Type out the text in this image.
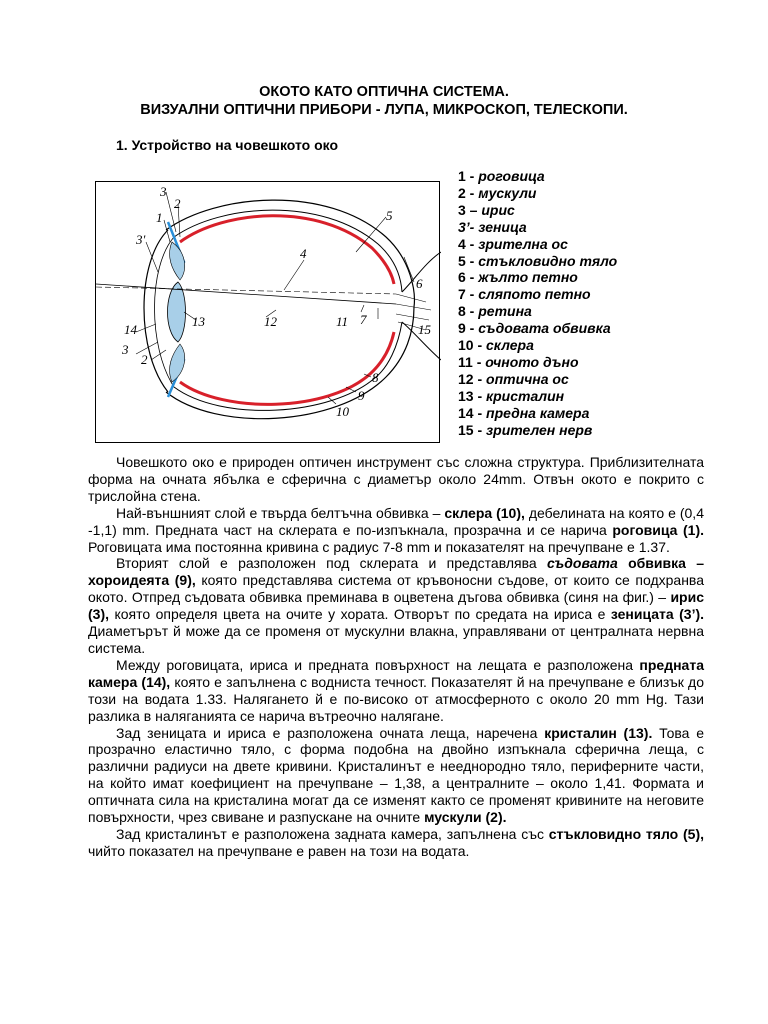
ОКОТО КАТО ОПТИЧНА СИСТЕМА.
ВИЗУАЛНИ ОПТИЧНИ ПРИБОРИ - ЛУПА, МИКРОСКОП, ТЕЛЕСКОПИ.
1. Устройство на човешкото око
3
2
1
3'
4
5
6
7
8
9
10
11
12
13
14
3
2
15
1 - роговица
2 - мускули
3 – ирис
3’- зеница
4 - зрителна ос
5 - стъкловидно тяло
6 - жълто петно
7 - сляпото петно
8 - ретина
9 - съдовата обвивка
10 - склера
11 - очното дъно
12 - оптична ос
13 - кристалин
14 - предна камера
15 - зрителен нерв

Човешкото око е природен оптичен инструмент със сложна структура. Приблизителната форма на очната ябълка е сферична с диаметър около 24mm. Отвън окото е покрито с трислойна стена.

Най-външният слой е твърда белтъчна обвивка – склера (10), дебелината на която е (0,4 -1,1) mm. Предната част на склерата е по-изпъкнала, прозрачна и се нарича роговица (1). Роговицата има постоянна кривина с радиус 7-8 mm и показателят на пречупване е 1.37.

Вторият слой е разположен под склерата и представлява съдовата обвивка – хороидеята (9), която представлява система от кръвоносни съдове, от които се подхранва окото. Отпред съдовата обвивка преминава в оцветена дъгова обвивка (синя на фиг.) – ирис (3), която определя цвета на очите у хората. Отворът по средата на ириса е зеницата (3’). Диаметърът й може да се променя от мускулни влакна, управлявани от централната нервна система.

Между роговицата, ириса и предната повърхност на лещата е разположена предната камера (14), която е запълнена с водниста течност. Показателят й на пречупване е близък до този на водата 1.33. Налягането й е по-високо от атмосферното с около 20 mm Hg. Тази разлика в наляганията се нарича вътреочно налягане.

Зад зеницата и ириса е разположена очната леща, наречена кристалин (13). Това е прозрачно еластично тяло, с форма подобна на двойно изпъкнала сферична леща, с различни радиуси на двете кривини. Кристалинът е нееднородно тяло, периферните части, на който имат коефициент на пречупване – 1,38, а централните – около 1,41. Формата и оптичната сила на кристалина могат да се изменят както се променят кривините на неговите повърхности, чрез свиване и разпускане на очните мускули (2).

Зад кристалинът е разположена задната камера, запълнена със стъкловидно тяло (5), чийто показател на пречупване е равен на този на водата.
